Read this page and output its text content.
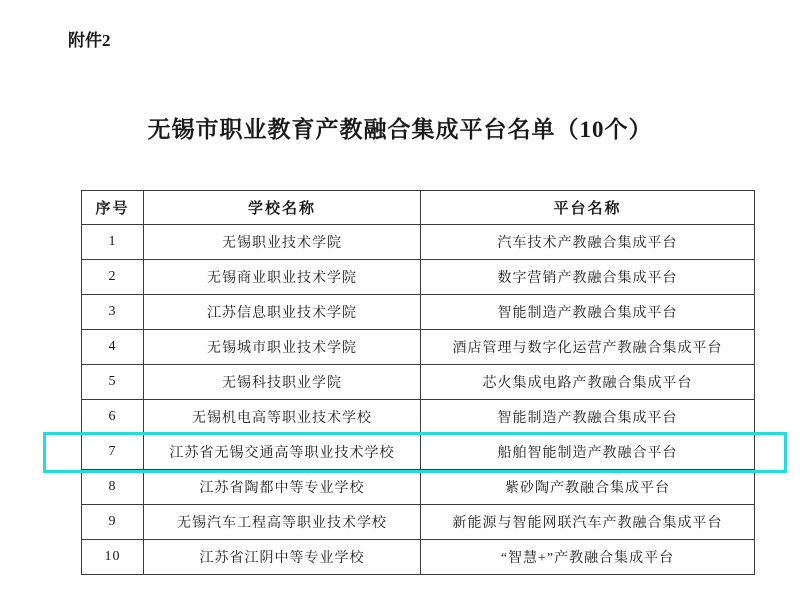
附件2
无锡市职业教育产教融合集成平台名单（10个）
序号	学校名称	平台名称
1	无锡职业技术学院	汽车技术产教融合集成平台
2	无锡商业职业技术学院	数字营销产教融合集成平台
3	江苏信息职业技术学院	智能制造产教融合集成平台
4	无锡城市职业技术学院	酒店管理与数字化运营产教融合集成平台
5	无锡科技职业学院	芯火集成电路产教融合集成平台
6	无锡机电高等职业技术学校	智能制造产教融合集成平台
7	江苏省无锡交通高等职业技术学校	船舶智能制造产教融合平台
8	江苏省陶都中等专业学校	紫砂陶产教融合集成平台
9	无锡汽车工程高等职业技术学校	新能源与智能网联汽车产教融合集成平台
10	江苏省江阴中等专业学校	“智慧+”产教融合集成平台
